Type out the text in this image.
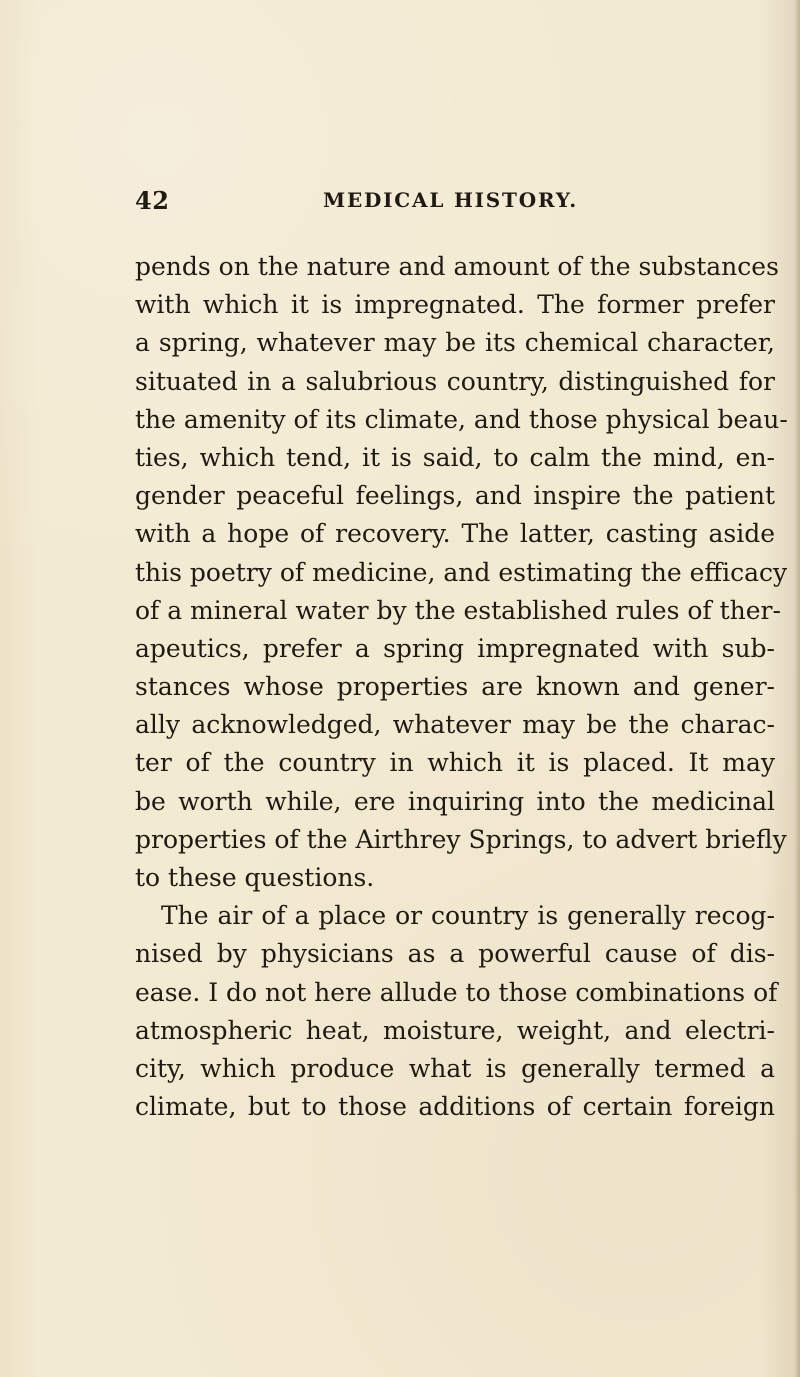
42	MEDICAL HISTORY.
pends on the nature and amount of the substances
with which it is impregnated. The former prefer
a spring, whatever may be its chemical character,
situated in a salubrious country, distinguished for
the amenity of its climate, and those physical beau-
ties, which tend, it is said, to calm the mind, en-
gender peaceful feelings, and inspire the patient
with a hope of recovery. The latter, casting aside
this poetry of medicine, and estimating the efficacy
of a mineral water by the established rules of ther-
apeutics, prefer a spring impregnated with sub-
stances whose properties are known and gener-
ally acknowledged, whatever may be the charac-
ter of the country in which it is placed. It may
be worth while, ere inquiring into the medicinal
properties of the Airthrey Springs, to advert briefly
to these questions.
The air of a place or country is generally recog-
nised by physicians as a powerful cause of dis-
ease. I do not here allude to those combinations of
atmospheric heat, moisture, weight, and electri-
city, which produce what is generally termed a
climate, but to those additions of certain foreign
